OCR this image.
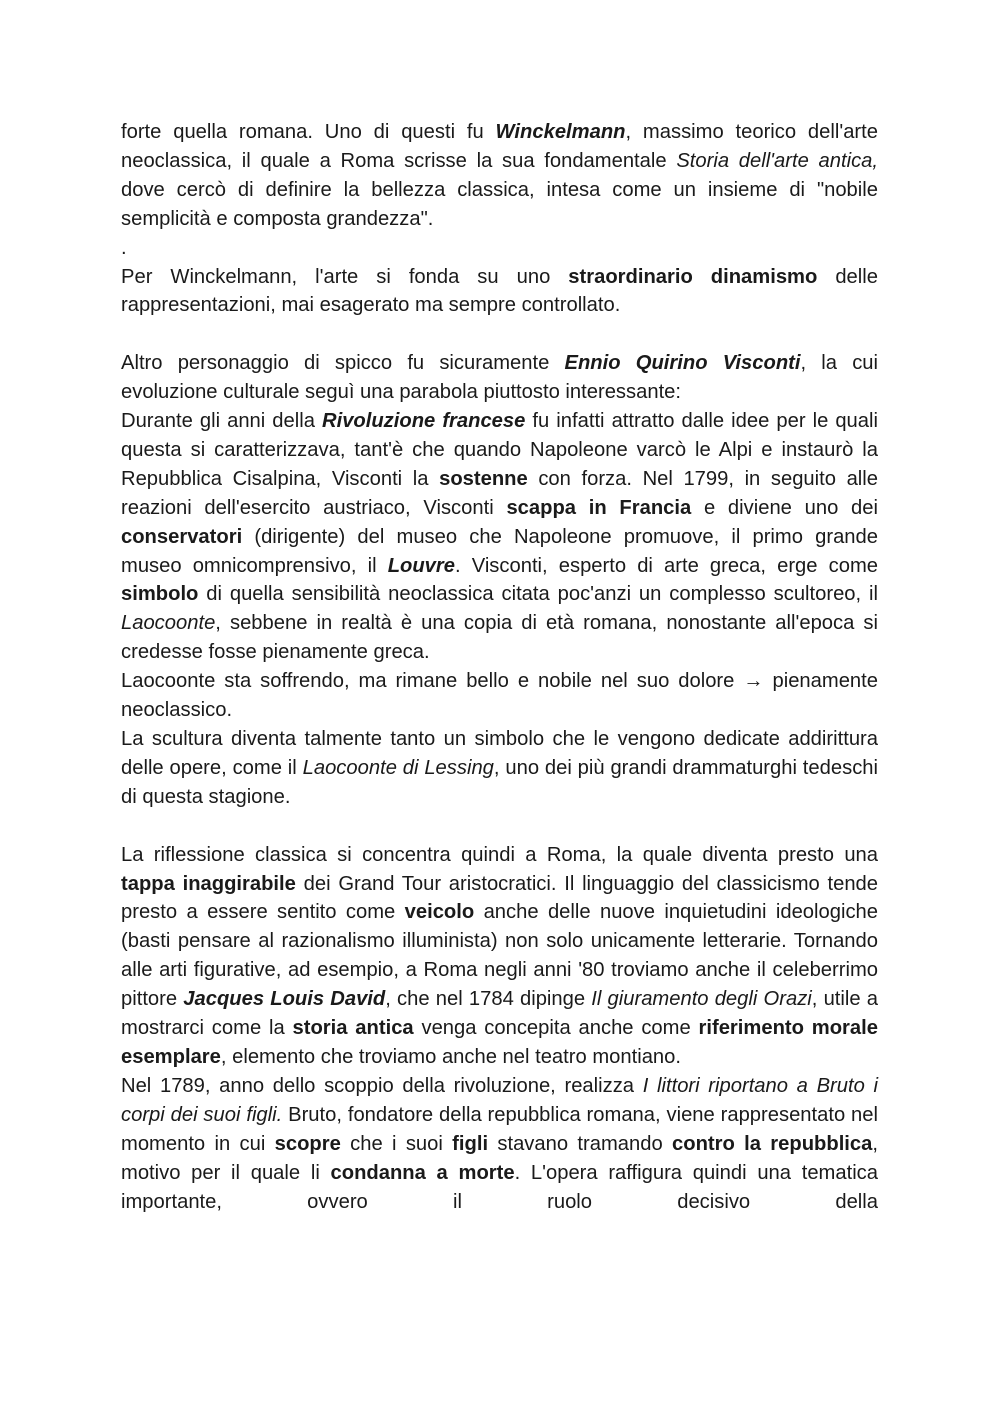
forte quella romana. Uno di questi fu Winckelmann, massimo teorico dell'arte neoclassica, il quale a Roma scrisse la sua fondamentale Storia dell'arte antica, dove cercò di definire la bellezza classica, intesa come un insieme di "nobile semplicità e composta grandezza".

.

Per Winckelmann, l'arte si fonda su uno straordinario dinamismo delle rappresentazioni, mai esagerato ma sempre controllato.

Altro personaggio di spicco fu sicuramente Ennio Quirino Visconti, la cui evoluzione culturale seguì una parabola piuttosto interessante:

Durante gli anni della Rivoluzione francese fu infatti attratto dalle idee per le quali questa si caratterizzava, tant'è che quando Napoleone varcò le Alpi e instaurò la Repubblica Cisalpina, Visconti la sostenne con forza. Nel 1799, in seguito alle reazioni dell'esercito austriaco, Visconti scappa in Francia e diviene uno dei conservatori (dirigente) del museo che Napoleone promuove, il primo grande museo omnicomprensivo, il Louvre. Visconti, esperto di arte greca, erge come simbolo di quella sensibilità neoclassica citata poc'anzi un complesso scultoreo, il Laocoonte, sebbene in realtà è una copia di età romana, nonostante all'epoca si credesse fosse pienamente greca.

Laocoonte sta soffrendo, ma rimane bello e nobile nel suo dolore → pienamente neoclassico.

La scultura diventa talmente tanto un simbolo che le vengono dedicate addirittura delle opere, come il Laocoonte di Lessing, uno dei più grandi drammaturghi tedeschi di questa stagione.

La riflessione classica si concentra quindi a Roma, la quale diventa presto una tappa inaggirabile dei Grand Tour aristocratici. Il linguaggio del classicismo tende presto a essere sentito come veicolo anche delle nuove inquietudini ideologiche (basti pensare al razionalismo illuminista) non solo unicamente letterarie. Tornando alle arti figurative, ad esempio, a Roma negli anni '80 troviamo anche il celeberrimo pittore Jacques Louis David, che nel 1784 dipinge Il giuramento degli Orazi, utile a mostrarci come la storia antica venga concepita anche come riferimento morale esemplare, elemento che troviamo anche nel teatro montiano.

Nel 1789, anno dello scoppio della rivoluzione, realizza I littori riportano a Bruto i corpi dei suoi figli. Bruto, fondatore della repubblica romana, viene rappresentato nel momento in cui scopre che i suoi figli stavano tramando contro la repubblica, motivo per il quale li condanna a morte. L'opera raffigura quindi una tematica importante, ovvero il ruolo decisivo della
